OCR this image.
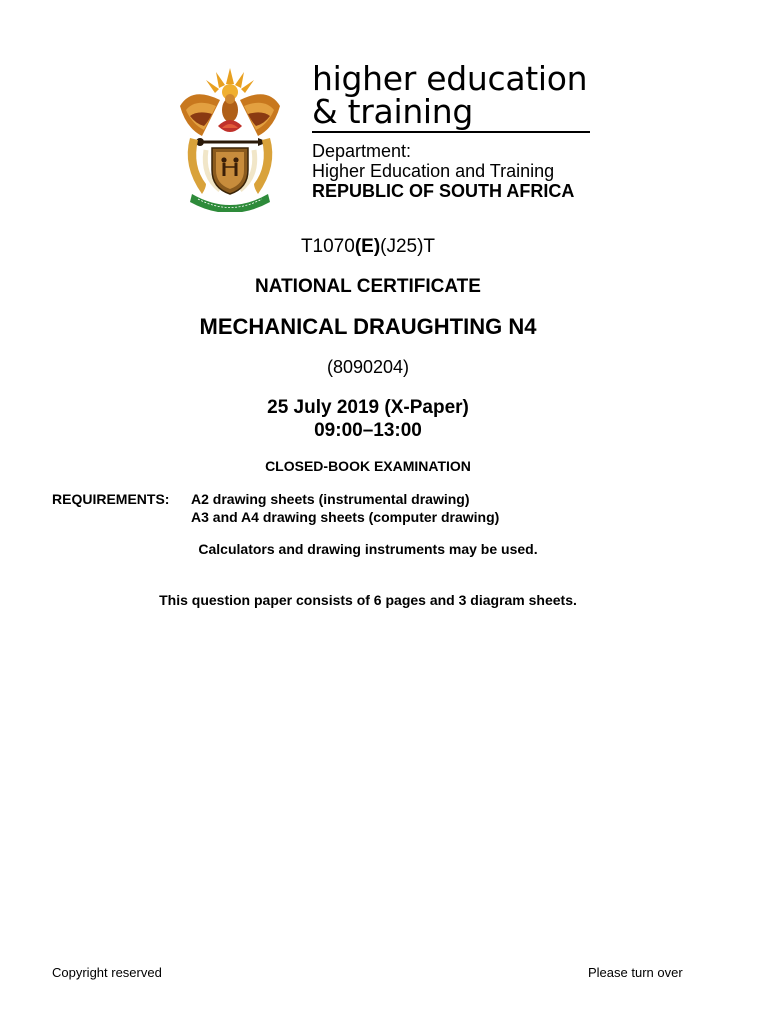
higher education
& training
Department:
Higher Education and Training
REPUBLIC OF SOUTH AFRICA
T1070(E)(J25)T
NATIONAL CERTIFICATE
MECHANICAL DRAUGHTING N4
(8090204)
25 July 2019 (X-Paper)
09:00–13:00
CLOSED-BOOK EXAMINATION
REQUIREMENTS:	A2 drawing sheets (instrumental drawing)
A3 and A4 drawing sheets (computer drawing)
Calculators and drawing instruments may be used.
This question paper consists of 6 pages and 3 diagram sheets.
Copyright reserved	Please turn over
